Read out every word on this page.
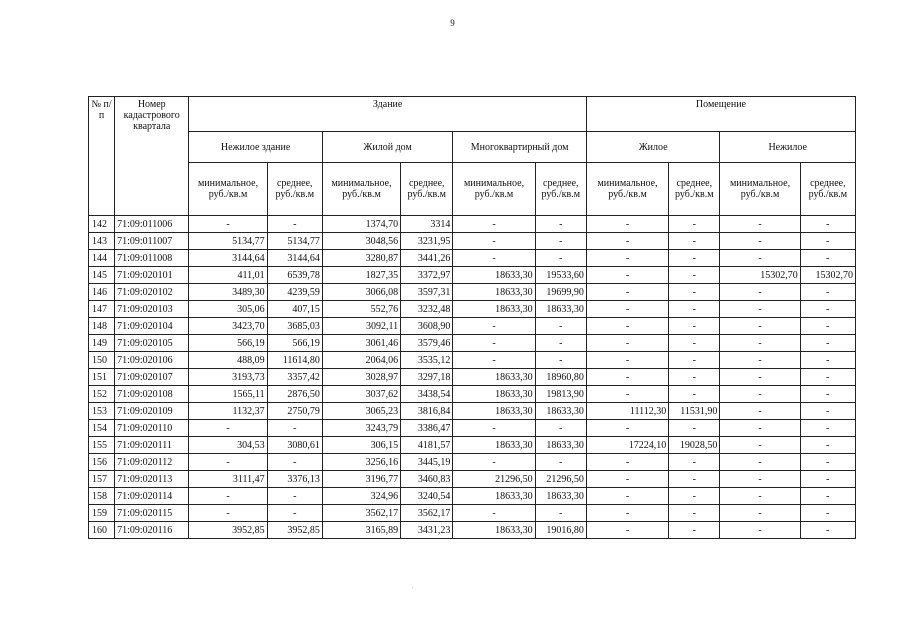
9
№ п/п	Номер кадастрового квартала	Здание						Помещение			
		Нежилое здание		Жилой дом		Многоквартирный дом		Жилое		Нежилое	
		минимальное, руб./кв.м	среднее, руб./кв.м	минимальное, руб./кв.м	среднее, руб./кв.м	минимальное, руб./кв.м	среднее, руб./кв.м	минимальное, руб./кв.м	среднее, руб./кв.м	минимальное, руб./кв.м	среднее, руб./кв.м
142	71:09:011006	-	-	1374,70	3314	-	-	-	-	-	-
143	71:09:011007	5134,77	5134,77	3048,56	3231,95	-	-	-	-	-	-
144	71:09:011008	3144,64	3144,64	3280,87	3441,26	-	-	-	-	-	-
145	71:09:020101	411,01	6539,78	1827,35	3372,97	18633,30	19533,60	-	-	15302,70	15302,70
146	71:09:020102	3489,30	4239,59	3066,08	3597,31	18633,30	19699,90	-	-	-	-
147	71:09:020103	305,06	407,15	552,76	3232,48	18633,30	18633,30	-	-	-	-
148	71:09:020104	3423,70	3685,03	3092,11	3608,90	-	-	-	-	-	-
149	71:09:020105	566,19	566,19	3061,46	3579,46	-	-	-	-	-	-
150	71:09:020106	488,09	11614,80	2064,06	3535,12	-	-	-	-	-	-
151	71:09:020107	3193,73	3357,42	3028,97	3297,18	18633,30	18960,80	-	-	-	-
152	71:09:020108	1565,11	2876,50	3037,62	3438,54	18633,30	19813,90	-	-	-	-
153	71:09:020109	1132,37	2750,79	3065,23	3816,84	18633,30	18633,30	11112,30	11531,90	-	-
154	71:09:020110	-	-	3243,79	3386,47	-	-	-	-	-	-
155	71:09:020111	304,53	3080,61	306,15	4181,57	18633,30	18633,30	17224,10	19028,50	-	-
156	71:09:020112	-	-	3256,16	3445,19	-	-	-	-	-	-
157	71:09:020113	3111,47	3376,13	3196,77	3460,83	21296,50	21296,50	-	-	-	-
158	71:09:020114	-	-	324,96	3240,54	18633,30	18633,30	-	-	-	-
159	71:09:020115	-	-	3562,17	3562,17	-	-	-	-	-	-
160	71:09:020116	3952,85	3952,85	3165,89	3431,23	18633,30	19016,80	-	-	-	-
.
